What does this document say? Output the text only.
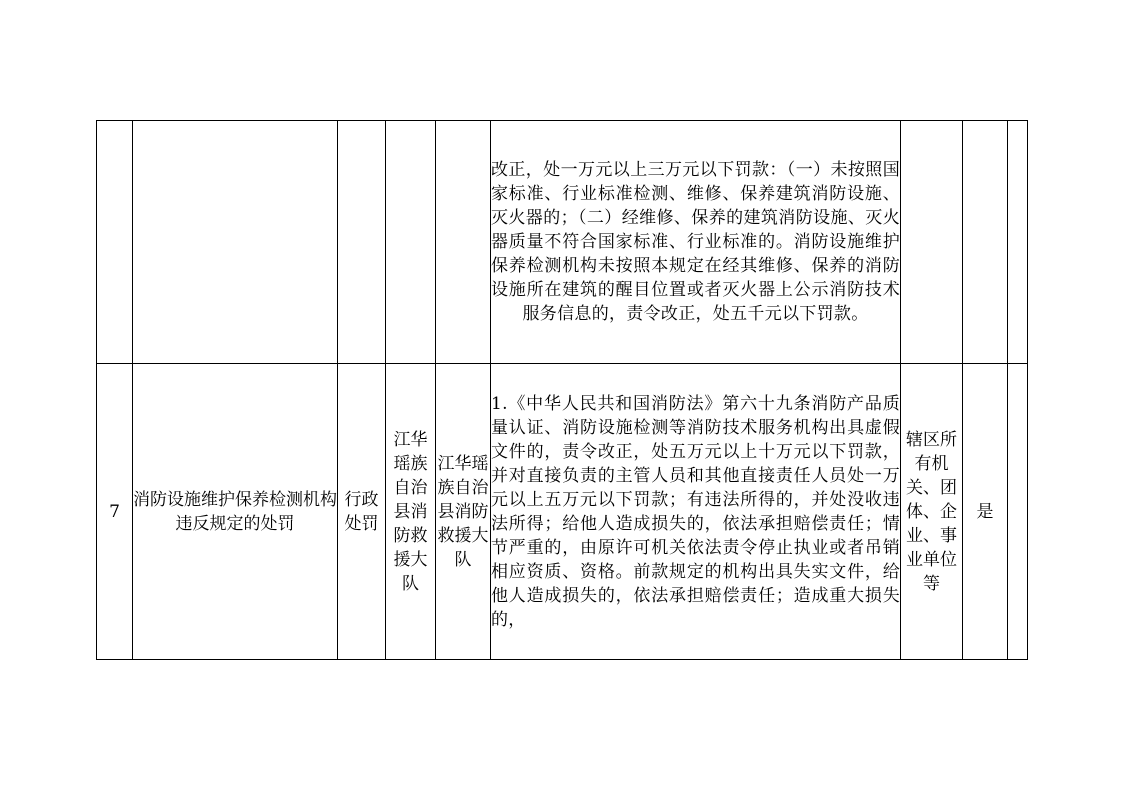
					改正，处一万元以上三万元以下罚款：（一）未按照国家标准、行业标准检测、维修、保养建筑消防设施、灭火器的；（二）经维修、保养的建筑消防设施、灭火器质量不符合国家标准、行业标准的。消防设施维护保养检测机构未按照本规定在经其维修、保养的消防设施所在建筑的醒目位置或者灭火器上公示消防技术服务信息的，责令改正，处五千元以下罚款。			
7	消防设施维护保养检测机构违反规定的处罚	行政处罚	江华瑶族自治县消防救援大队	江华瑶族自治县消防救援大队	1.《中华人民共和国消防法》第六十九条消防产品质量认证、消防设施检测等消防技术服务机构出具虚假文件的，责令改正，处五万元以上十万元以下罚款，并对直接负责的主管人员和其他直接责任人员处一万元以上五万元以下罚款；有违法所得的，并处没收违法所得；给他人造成损失的，依法承担赔偿责任；情节严重的，由原许可机关依法责令停止执业或者吊销相应资质、资格。前款规定的机构出具失实文件，给他人造成损失的，依法承担赔偿责任；造成重大损失的，	辖区所有机关、团体、企业、事业单位等	是	
